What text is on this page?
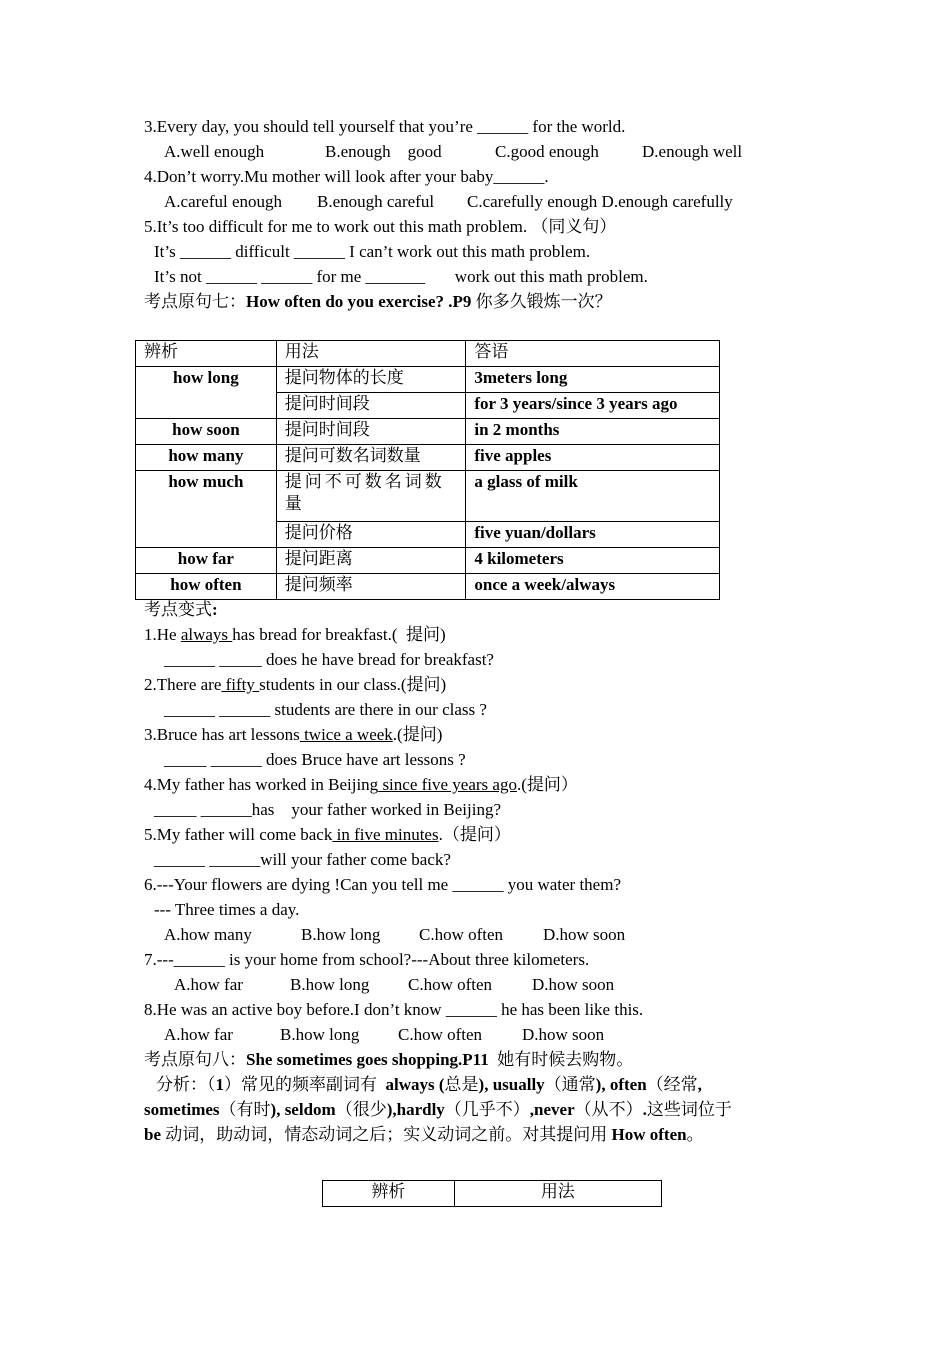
3.Every day, you should tell yourself that you’re ______ for the world.
A.well enough	B.enough    good	C.good enough	D.enough well
4.Don’t worry.Mu mother will look after your baby______.
A.careful enough B.enough careful C.carefully enough D.enough carefully
5.It’s too difficult for me to work out this math problem. （同义句）
It’s ______ difficult ______ I can’t work out this math problem.
It’s not ______ ______ for me _______       work out this math problem.
考点原句七：How often do you exercise? .P9 你多久锻炼一次？
辨析	用法	答语
how long	提问物体的长度	3meters long
	提问时间段	for 3 years/since 3 years ago
how soon	提问时间段	in 2 months
how many	提问可数名词数量	five apples
how much	提问不可数名词数量	a glass of milk
	提问价格	five yuan/dollars
how far	提问距离	4 kilometers
how often	提问频率	once a week/always
考点变式:
1.He always has bread for breakfast.(  提问)
______ _____ does he have bread for breakfast?
2.There are fifty students in our class.(提问)
______ ______ students are there in our class ?
3.Bruce has art lessons twice a week.(提问)
_____ ______ does Bruce have art lessons ?
4.My father has worked in Beijing since five years ago.(提问）
_____ ______has    your father worked in Beijing?
5.My father will come back in five minutes.（提问）
______ ______will your father come back?
6.---Your flowers are dying !Can you tell me ______ you water them?
--- Three times a day.
A.how many	B.how long C.how often D.how soon
7.---______ is your home from school?---About three kilometers.
A.how far	B.how long C.how often D.how soon
8.He was an active boy before.I don’t know ______ he has been like this.
A.how far	B.how long C.how often D.how soon
考点原句八：She sometimes goes shopping.P11  她有时候去购物。
分析：（1）常见的频率副词有  always (总是), usually（通常), often（经常,
sometimes（有时), seldom（很少),hardly（几乎不）,never（从不）.这些词位于
be 动词，助动词，情态动词之后；实义动词之前。对其提问用 How often。
辨析	用法
